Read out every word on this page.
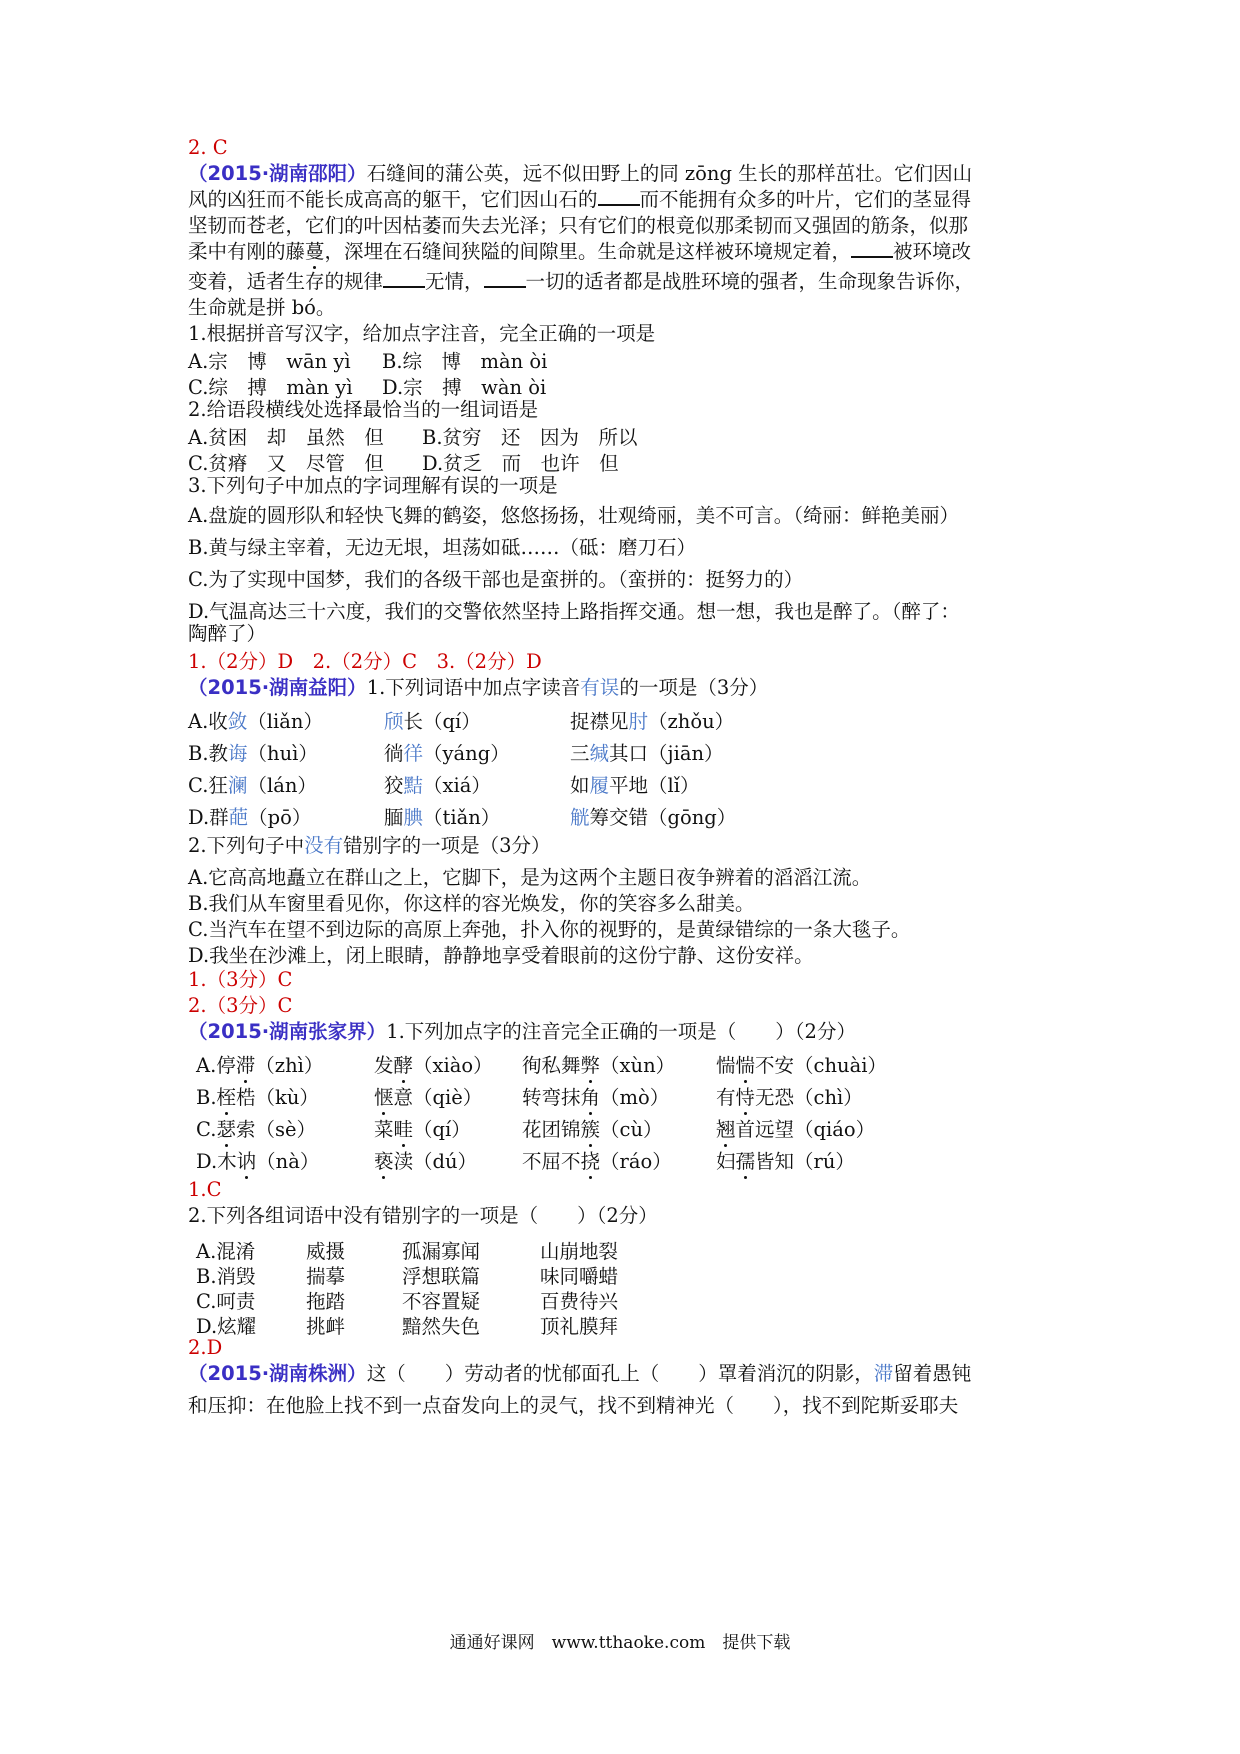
2. C
（2015·湖南邵阳）石缝间的蒲公英，远不似田野上的同 zōng 生长的那样茁壮。它们因山
风的凶狂而不能长成高高的躯干，它们因山石的 而不能拥有众多的叶片，它们的茎显得
坚韧而苍老，它们的叶因枯萎而失去光泽；只有它们的根竟似那柔韧而又强固的筋条，似那
柔中有刚的藤蔓，深埋在石缝间狭隘的间隙里。生命就是这样被环境规定着， 被环境改
变着，适者生存的规律 无情， 一切的适者都是战胜环境的强者，生命现象告诉你，
生命就是拼 bó。
1.根据拼音写汉字，给加点字注音，完全正确的一项是
A.宗　博　wān yì B.综　博　màn òi
C.综　搏　màn yì D.宗　搏　wàn òi
2.给语段横线处选择最恰当的一组词语是
A.贫困　却　虽然　但 B.贫穷　还　因为　所以
C.贫瘠　又　尽管　但 D.贫乏　而　也许　但
3.下列句子中加点的字词理解有误的一项是
A.盘旋的圆形队和轻快飞舞的鹤姿，悠悠扬扬，壮观绮丽，美不可言。（绮丽：鲜艳美丽）
B.黄与绿主宰着，无边无垠，坦荡如砥……（砥：磨刀石）
C.为了实现中国梦，我们的各级干部也是蛮拼的。（蛮拼的：挺努力的）
D.气温高达三十六度，我们的交警依然坚持上路指挥交通。想一想，我也是醉了。（醉了：
陶醉了）
1.（2分）D　2.（2分）C　3.（2分）D
（2015·湖南益阳）1.下列词语中加点字读音有误的一项是（3分）
A.收敛（liǎn）	颀长（qí）	捉襟见肘（zhǒu）
B.教诲（huì）	徜徉（yáng）	三缄其口（jiān）
C.狂澜（lán）	狡黠（xiá）	如履平地（lǐ）
D.群葩（pō）	腼腆（tiǎn）	觥筹交错（gōng）
2.下列句子中没有错别字的一项是（3分）
A.它高高地矗立在群山之上，它脚下，是为这两个主题日夜争辨着的滔滔江流。
B.我们从车窗里看见你，你这样的容光焕发，你的笑容多么甜美。
C.当汽车在望不到边际的高原上奔弛，扑入你的视野的，是黄绿错综的一条大毯子。
D.我坐在沙滩上，闭上眼睛，静静地享受着眼前的这份宁静、这份安祥。
1.（3分）C
2.（3分）C
（2015·湖南张家界）1.下列加点字的注音完全正确的一项是（　　）（2分）
A.停滞（zhì）	发酵（xiào） 徇私舞弊（xùn） 惴惴不安（chuài）
B.桎梏（kù）	惬意（qiè） 转弯抹角（mò） 有恃无恐（chì）
C.瑟索（sè）	菜畦（qí）	花团锦簇（cù）	翘首远望（qiáo）
D.木讷（nà）	亵渎（dú） 不屈不挠（ráo） 妇孺皆知（rú）
1.C
2.下列各组词语中没有错别字的一项是（　　）（2分）
A.混淆	威摄	孤漏寡闻	山崩地裂
B.消毁	揣摹	浮想联篇	味同嚼蜡
C.呵责	拖踏	不容置疑	百费待兴
D.炫耀	挑衅	黯然失色	顶礼膜拜
2.D
（2015·湖南株洲）这（　　）劳动者的忧郁面孔上（　　）罩着消沉的阴影，滞留着愚钝
和压抑：在他脸上找不到一点奋发向上的灵气，找不到精神光（　　），找不到陀斯妥耶夫
通通好课网　www.tthaoke.com　提供下载
